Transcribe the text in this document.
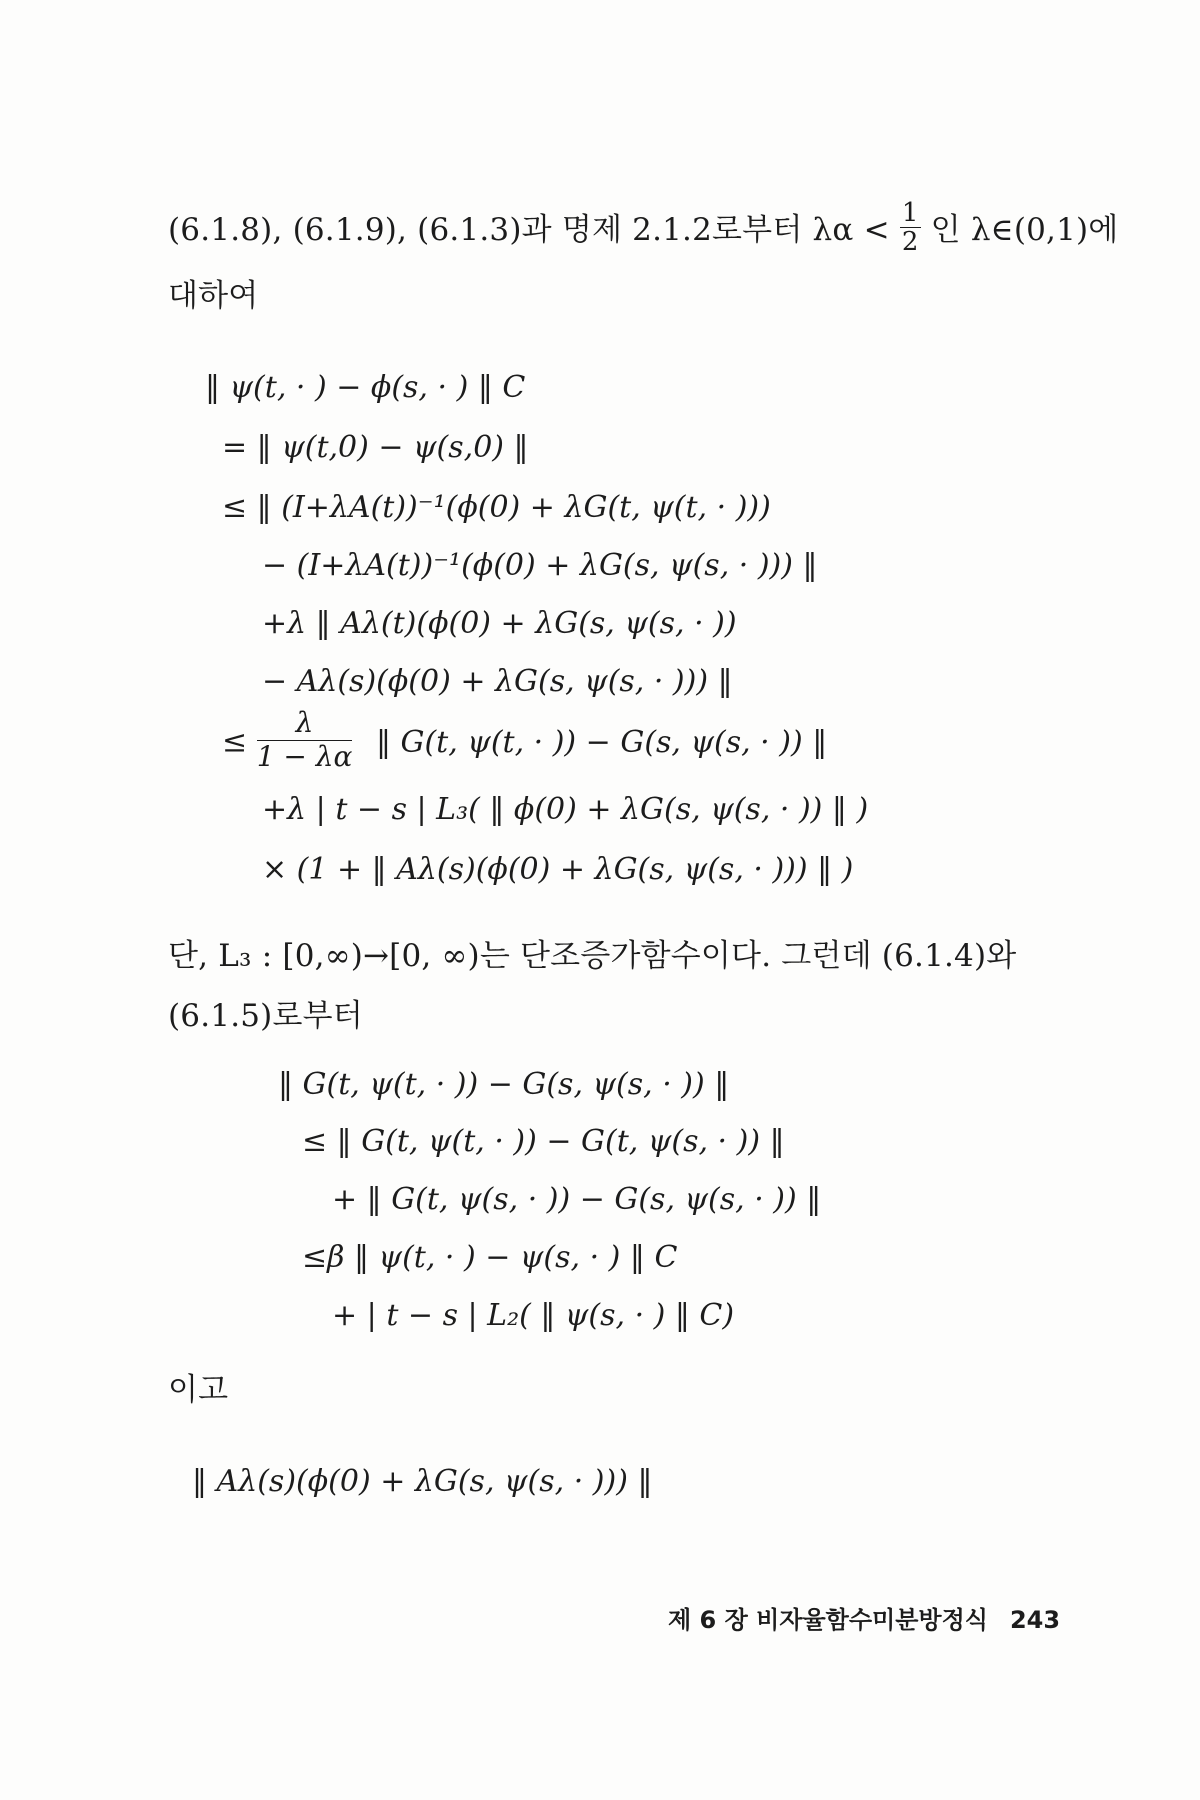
(6.1.8), (6.1.9), (6.1.3)과 명제 2.1.2로부터 $\lambda\alpha < \frac{1}{2}$ 인 λ∈(0,1)에
대하여
‖ ψ(t, · ) − ϕ(s, · ) ‖ C
= ‖ ψ(t,0) − ψ(s,0) ‖
≤ ‖ (I+λA(t))⁻¹(ϕ(0) + λG(t, ψ(t, · )))
− (I+λA(t))⁻¹(ϕ(0) + λG(s, ψ(s, · ))) ‖
+λ ‖ Aλ(t)(ϕ(0) + λG(s, ψ(s, · ))
− Aλ(s)(ϕ(0) + λG(s, ψ(s, · ))) ‖
≤ $\frac{\lambda}{1 - \lambda\alpha}$ ‖ G(t, ψ(t, · )) − G(s, ψ(s, · )) ‖
+λ | t − s | L₃( ‖ ϕ(0) + λG(s, ψ(s, · )) ‖ )
× (1 + ‖ Aλ(s)(ϕ(0) + λG(s, ψ(s, · ))) ‖ )
단, L₃ : [0,∞)→[0, ∞)는 단조증가함수이다. 그런데 (6.1.4)와
(6.1.5)로부터
‖ G(t, ψ(t, · )) − G(s, ψ(s, · )) ‖
≤ ‖ G(t, ψ(t, · )) − G(t, ψ(s, · )) ‖
+ ‖ G(t, ψ(s, · )) − G(s, ψ(s, · )) ‖
≤β ‖ ψ(t, · ) − ψ(s, · ) ‖ C
+ | t − s | L₂( ‖ ψ(s, · ) ‖ C)
이고
‖ Aλ(s)(ϕ(0) + λG(s, ψ(s, · ))) ‖
제 6 장 비자율함수미분방정식 243
